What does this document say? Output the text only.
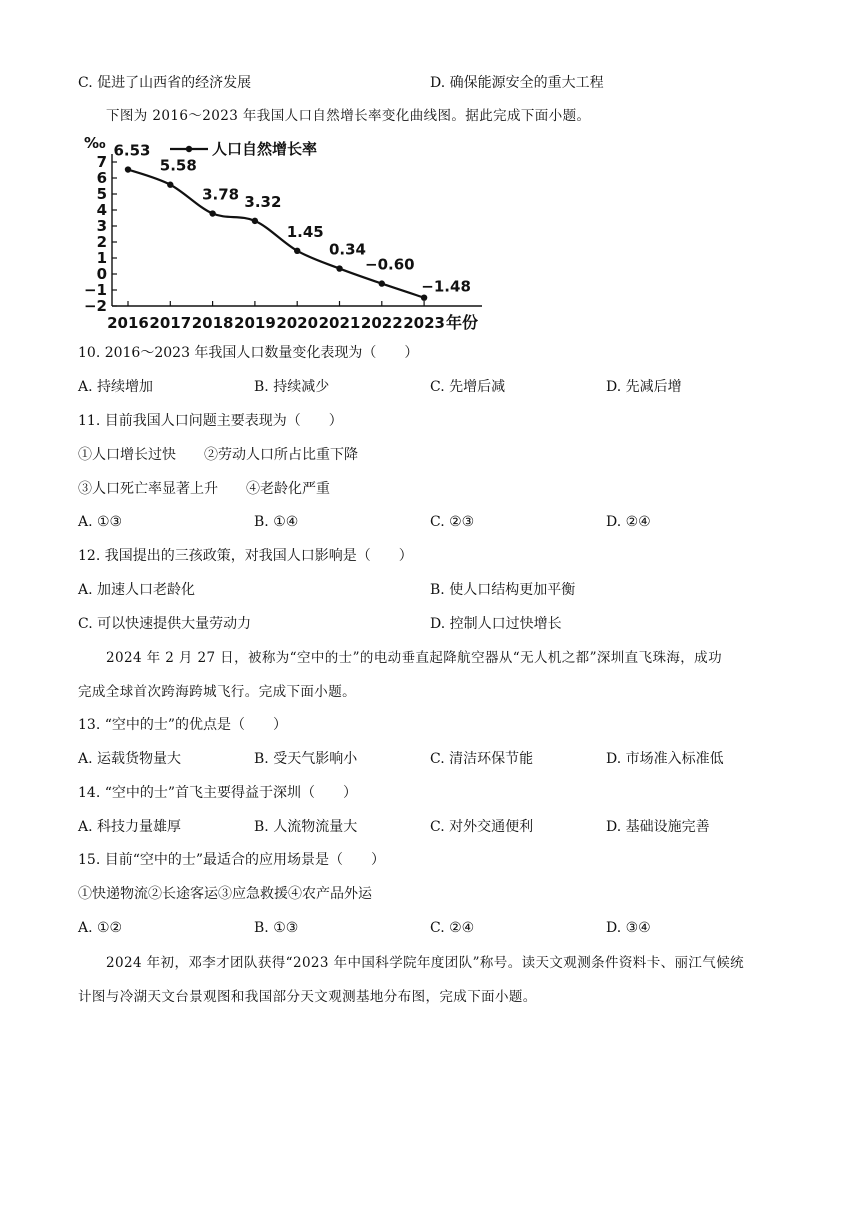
C. 促进了山西省的经济发展	D. 确保能源安全的重大工程
下图为 2016～2023 年我国人口自然增长率变化曲线图。据此完成下面小题。
‰
年份
7
6
5
4
3
2
1
0
−1
−2
2016 2017 2018 2019 2020 2021 2022 2023
6.53
5.58
3.78 3.32
1.45
0.34
−0.60
−1.48
人口自然增长率
10. 2016～2023 年我国人口数量变化表现为（　　）
A. 持续增加	B. 持续减少	C. 先增后减	D. 先减后增
11. 目前我国人口问题主要表现为（　　）
①人口增长过快　　②劳动人口所占比重下降
③人口死亡率显著上升　　④老龄化严重
A. ①③	B. ①④	C. ②③	D. ②④
12. 我国提出的三孩政策，对我国人口影响是（　　）
A. 加速人口老龄化	B. 使人口结构更加平衡
C. 可以快速提供大量劳动力	D. 控制人口过快增长
2024 年 2 月 27 日，被称为“空中的士”的电动垂直起降航空器从“无人机之都”深圳直飞珠海，成功
完成全球首次跨海跨城飞行。完成下面小题。
13. “空中的士”的优点是（　　）
A. 运载货物量大	B. 受天气影响小	C. 清洁环保节能	D. 市场准入标准低
14. “空中的士”首飞主要得益于深圳（　　）
A. 科技力量雄厚	B. 人流物流量大	C. 对外交通便利	D. 基础设施完善
15. 目前“空中的士”最适合的应用场景是（　　）
①快递物流②长途客运③应急救援④农产品外运
A. ①②	B. ①③	C. ②④	D. ③④
2024 年初，邓李才团队获得“2023 年中国科学院年度团队”称号。读天文观测条件资料卡、丽江气候统
计图与冷湖天文台景观图和我国部分天文观测基地分布图，完成下面小题。
